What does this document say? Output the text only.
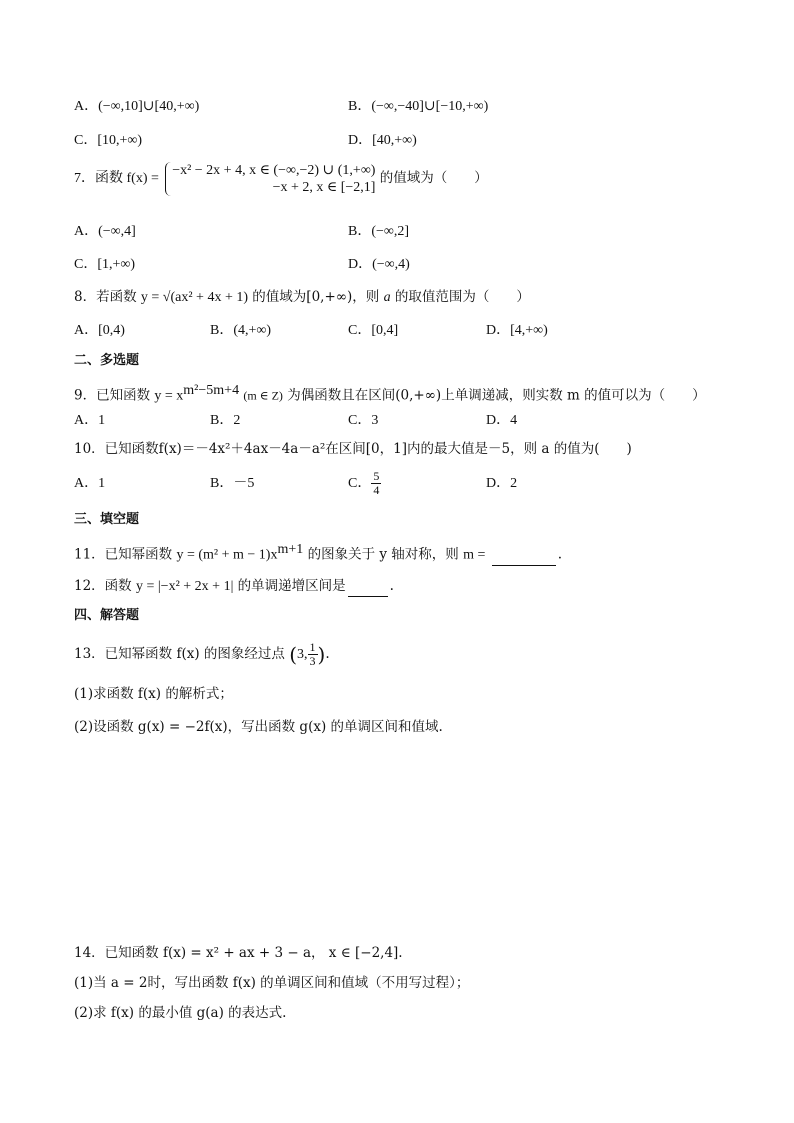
A．(−∞,10]∪[40,+∞)	B．(−∞,−40]∪[−10,+∞)
C．[10,+∞)	D．[40,+∞)
7．函数 f(x) =
−x² − 2x + 4, x ∈ (−∞,−2) ∪ (1,+∞)
−x + 2, x ∈ [−2,1]
的值域为（　　）
A．(−∞,4]	B．(−∞,2]
C．[1,+∞)	D．(−∞,4)
8．若函数 y = √(ax² + 4x + 1) 的值域为[0,+∞)，则 a 的取值范围为（　　）
A．[0,4)	B．(4,+∞)	C．[0,4]	D．[4,+∞)
二、多选题
9．已知函数 $y = x^{m^2-5m+4}$ (m ∈ Z) 为偶函数且在区间(0,+∞)上单调递减，则实数 m 的值可以为（　　）
A．1	B．2	C．3	D．4
10．已知函数f(x)＝－4x²＋4ax－4a－a²在区间[0，1]内的最大值是－5，则 a 的值为(　　)
A．1	B．－5	C． $\frac{5}{4}$	D．2
三、填空题
11．已知幂函数 $y = (m^2 + m - 1)x^{m+1}$ 的图象关于 y 轴对称，则 m =	.
12．函数 y = |−x² + 2x + 1| 的单调递增区间是	.
四、解答题
13．已知幂函数 f(x) 的图象经过点 (3, $\frac{1}{3}$ ).
(1)求函数 f(x) 的解析式；
(2)设函数 g(x) = −2f(x)，写出函数 g(x) 的单调区间和值域.
14．已知函数 f(x) = x² + ax + 3 − a， x ∈ [−2,4].
(1)当 a = 2时，写出函数 f(x) 的单调区间和值域（不用写过程）；
(2)求 f(x) 的最小值 g(a) 的表达式.
